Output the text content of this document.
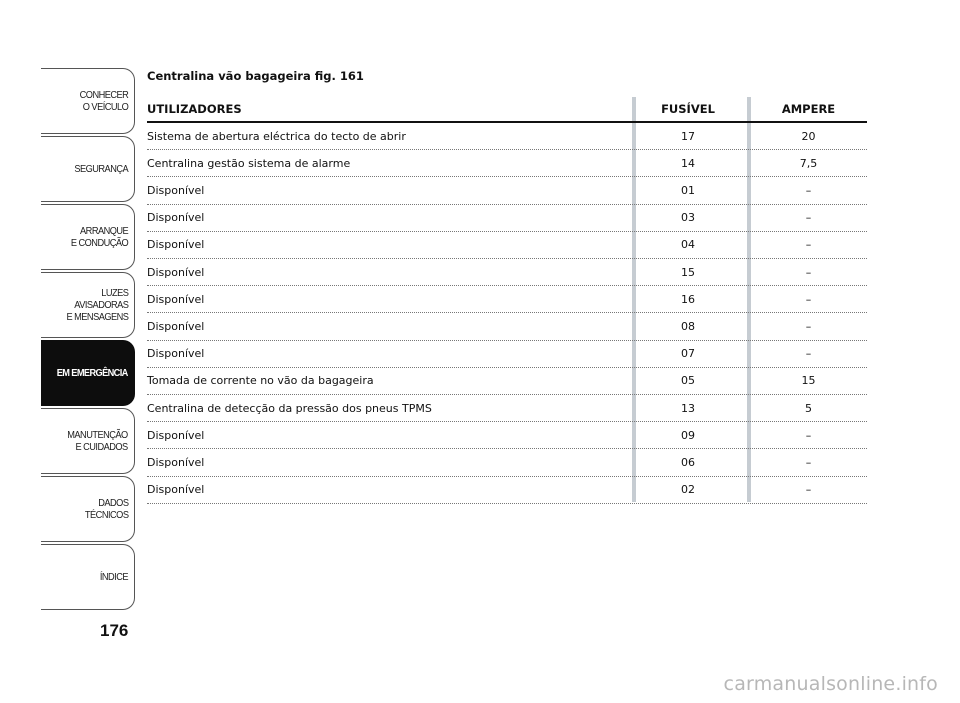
CONHECER
O VEÍCULO
SEGURANÇA
ARRANQUE
E CONDUÇÃO
LUZES
AVISADORAS
E MENSAGENS
EM EMERGÊNCIA
MANUTENÇÃO
E CUIDADOS
DADOS
TÉCNICOS
ÍNDICE
176
Centralina vão bagageira fig. 161
UTILIZADORES	FUSÍVEL	AMPERE
Sistema de abertura eléctrica do tecto de abrir	17	20
Centralina gestão sistema de alarme	14	7,5
Disponível	01	–
Disponível	03	–
Disponível	04	–
Disponível	15	–
Disponível	16	–
Disponível	08	–
Disponível	07	–
Tomada de corrente no vão da bagageira	05	15
Centralina de detecção da pressão dos pneus TPMS	13	5
Disponível	09	–
Disponível	06	–
Disponível	02	–
carmanualsonline.info
